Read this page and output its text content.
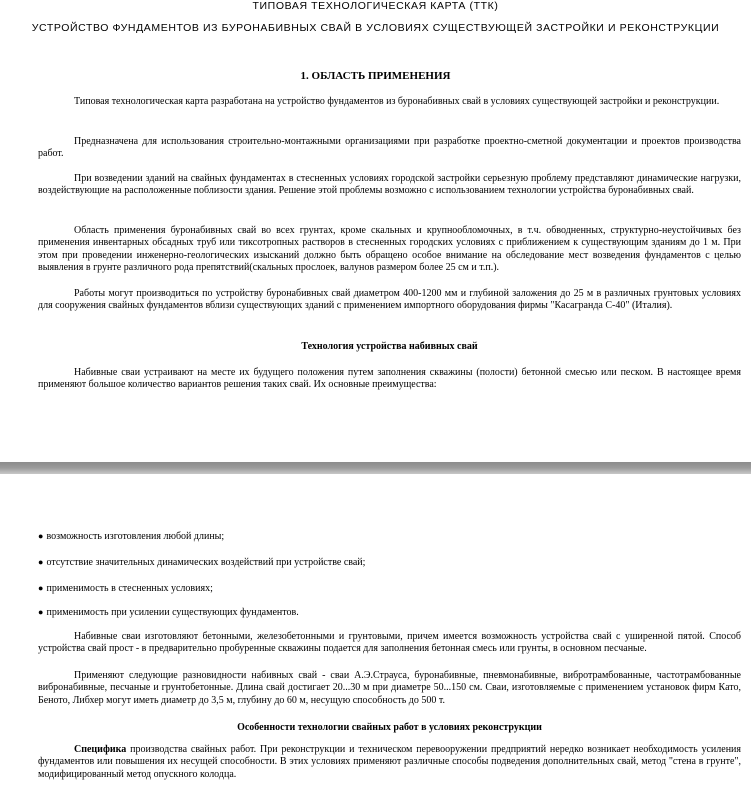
ТИПОВАЯ ТЕХНОЛОГИЧЕСКАЯ КАРТА (ТТК)
УСТРОЙСТВО ФУНДАМЕНТОВ ИЗ БУРОНАБИВНЫХ СВАЙ В УСЛОВИЯХ СУЩЕСТВУЮЩЕЙ ЗАСТРОЙКИ И РЕКОНСТРУКЦИИ
1. ОБЛАСТЬ ПРИМЕНЕНИЯ

Типовая технологическая карта разработана на устройство фундаментов из буронабивных свай в условиях существующей застройки и реконструкции.

Предназначена для использования строительно-монтажными организациями при разработке проектно-сметной документации и проектов производства работ.

При возведении зданий на свайных фундаментах в стесненных условиях городской застройки серьезную проблему представляют динамические нагрузки, воздействующие на расположенные поблизости здания. Решение этой проблемы возможно с использованием технологии устройства буронабивных свай.

Область применения буронабивных свай во всех грунтах, кроме скальных и крупнообломочных, в т.ч. обводненных, структурно-неустойчивых без применения инвентарных обсадных труб или тиксотропных растворов в стесненных городских условиях с приближением к существующим зданиям до 1 м. При этом при проведении инженерно-геологических изысканий должно быть обращено особое внимание на обследование мест возведения фундаментов с целью выявления в грунте различного рода препятствий(скальных прослоек, валунов размером более 25 см и т.п.).

Работы могут производиться по устройству буронабивных свай диаметром 400-1200 мм и глубиной заложения до 25 м в различных грунтовых условиях для сооружения свайных фундаментов вблизи существующих зданий с применением импортного оборудования фирмы "Касагранда С-40" (Италия).

Технология устройства набивных свай

Набивные сваи устраивают на месте их будущего положения путем заполнения скважины (полости) бетонной смесью или песком. В настоящее время применяют большое количество вариантов решения таких свай. Их основные преимущества:

● возможность изготовления любой длины;
● отсутствие значительных динамических воздействий при устройстве свай;
● применимость в стесненных условиях;
● применимость при усилении существующих фундаментов.

Набивные сваи изготовляют бетонными, железобетонными и грунтовыми, причем имеется возможность устройства свай с уширенной пятой. Способ устройства свай прост - в предварительно пробуренные скважины подается для заполнения бетонная смесь или грунты, в основном песчаные.

Применяют следующие разновидности набивных свай - сваи А.Э.Страуса, буронабивные, пневмонабивные, вибротрамбованные, частотрамбованные вибронабивные, песчаные и грунтобетонные. Длина свай достигает 20...30 м при диаметре 50...150 см. Сваи, изготовляемые с применением установок фирм Като, Беното, Либхер могут иметь диаметр до 3,5 м, глубину до 60 м, несущую способность до 500 т.

Особенности технологии свайных работ в условиях реконструкции

Специфика производства свайных работ. При реконструкции и техническом перевооружении предприятий нередко возникает необходимость усиления фундаментов или повышения их несущей способности. В этих условиях применяют различные способы подведения дополнительных свай, метод "стена в грунте", модифицированный метод опускного колодца.
